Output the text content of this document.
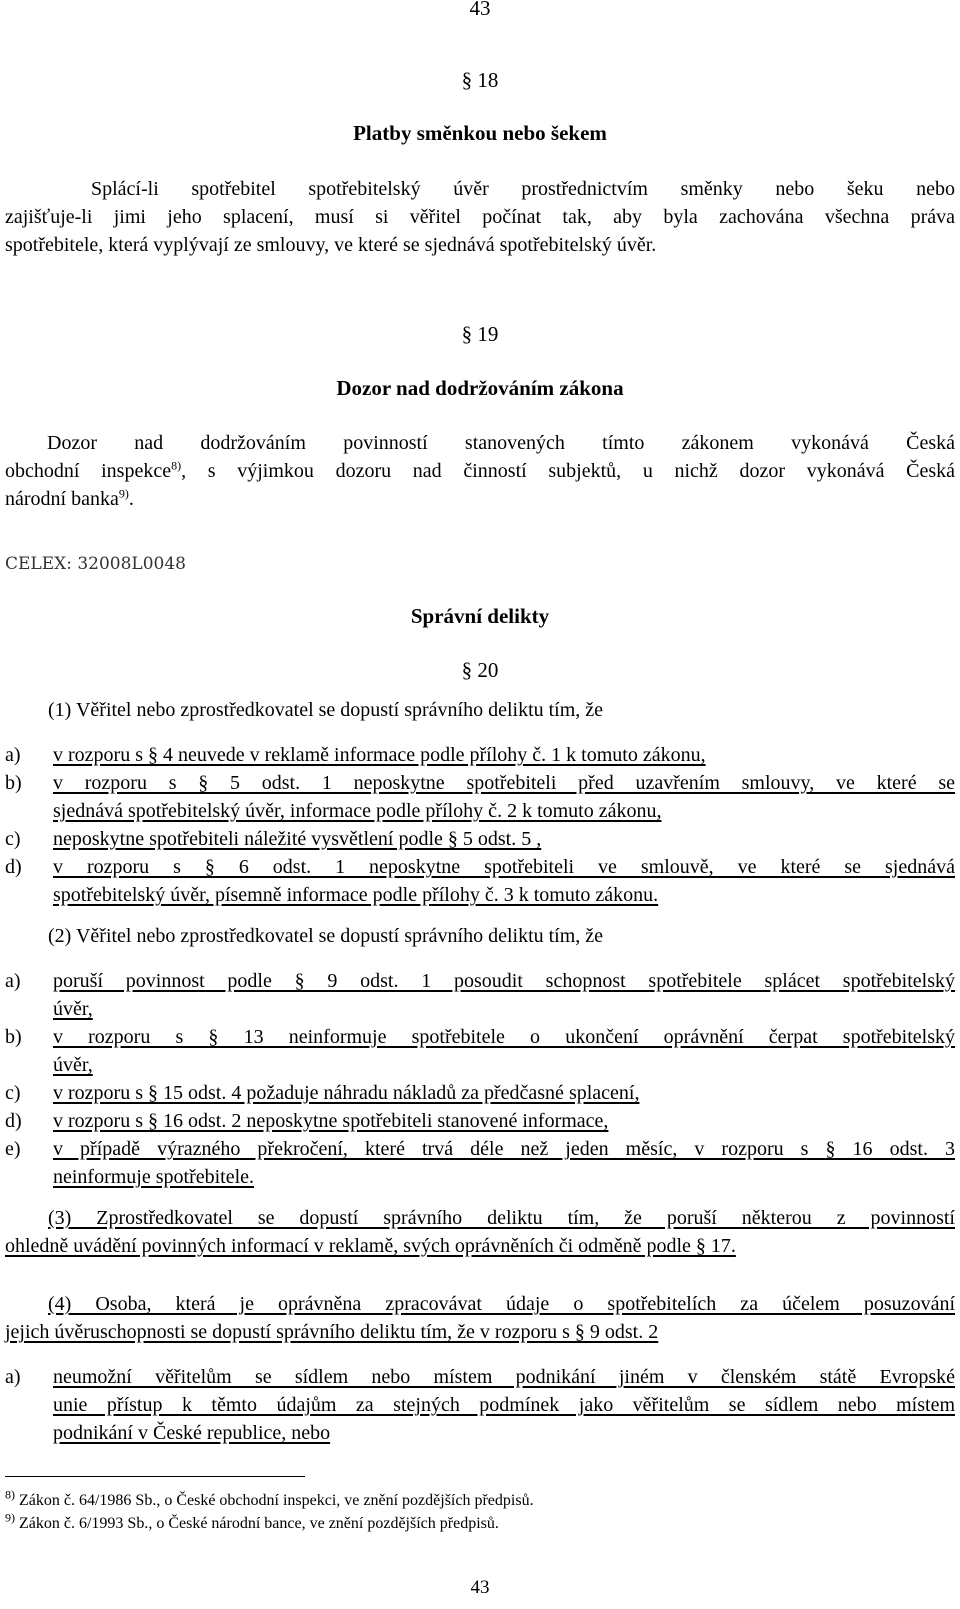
43
§ 18
Platby směnkou nebo šekem
Splácí-li spotřebitel spotřebitelský úvěr prostřednictvím směnky nebo šeku nebo
zajišťuje-li jimi jeho splacení, musí si věřitel počínat tak, aby byla zachována všechna práva
spotřebitele, která vyplývají ze smlouvy, ve které se sjednává spotřebitelský úvěr.
§ 19
Dozor nad dodržováním zákona
Dozor nad dodržováním povinností stanovených tímto zákonem vykonává Česká
obchodní inspekce$^{8)}$, s výjimkou dozoru nad činností subjektů, u nichž dozor vykonává Česká
národní banka$^{9)}$.
CELEX: 32008L0048
Správní delikty
§ 20
(1) Věřitel nebo zprostředkovatel se dopustí správního deliktu tím, že
a)	v rozporu s § 4 neuvede v reklamě informace podle přílohy č. 1 k tomuto zákonu,
b)	v rozporu s § 5 odst. 1 neposkytne spotřebiteli před uzavřením smlouvy, ve které se
sjednává spotřebitelský úvěr, informace podle přílohy č. 2 k tomuto zákonu,
c)	neposkytne spotřebiteli náležité vysvětlení podle § 5 odst. 5 ,
d)	v rozporu s § 6 odst. 1 neposkytne spotřebiteli ve smlouvě, ve které se sjednává
spotřebitelský úvěr, písemně informace podle přílohy č. 3 k tomuto zákonu.
(2) Věřitel nebo zprostředkovatel se dopustí správního deliktu tím, že
a)	poruší povinnost podle § 9 odst. 1 posoudit schopnost spotřebitele splácet spotřebitelský
úvěr,
b)	v rozporu s § 13 neinformuje spotřebitele o ukončení oprávnění čerpat spotřebitelský
úvěr,
c)	v rozporu s § 15 odst. 4 požaduje náhradu nákladů za předčasné splacení,
d)	v rozporu s § 16 odst. 2 neposkytne spotřebiteli stanovené informace,
e)	v případě výrazného překročení, které trvá déle než jeden měsíc, v rozporu s § 16 odst. 3
neinformuje spotřebitele.
(3) Zprostředkovatel se dopustí správního deliktu tím, že poruší některou z povinností
ohledně uvádění povinných informací v reklamě, svých oprávněních či odměně podle § 17.
(4) Osoba, která je oprávněna zpracovávat údaje o spotřebitelích za účelem posuzování
jejich úvěruschopnosti se dopustí správního deliktu tím, že v rozporu s § 9 odst. 2
a)	neumožní věřitelům se sídlem nebo místem podnikání jiném v členském státě Evropské
unie přístup k těmto údajům za stejných podmínek jako věřitelům se sídlem nebo místem
podnikání v České republice, nebo
$^{8)}$ Zákon č. 64/1986 Sb., o České obchodní inspekci, ve znění pozdějších předpisů.
$^{9)}$ Zákon č. 6/1993 Sb., o České národní bance, ve znění pozdějších předpisů.
43
